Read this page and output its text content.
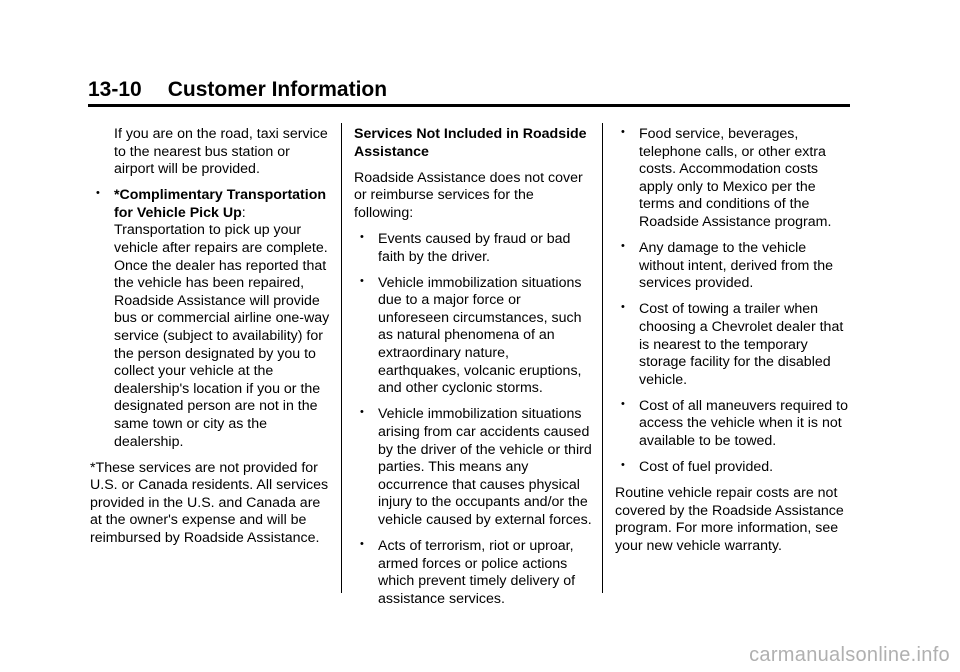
13-10 Customer Information

If you are on the road, taxi service to the nearest bus station or airport will be provided.

• *Complimentary Transportation for Vehicle Pick Up: Transportation to pick up your vehicle after repairs are complete. Once the dealer has reported that the vehicle has been repaired, Roadside Assistance will provide bus or commercial airline one-way service (subject to availability) for the person designated by you to collect your vehicle at the dealership's location if you or the designated person are not in the same town or city as the dealership.

*These services are not provided for U.S. or Canada residents. All services provided in the U.S. and Canada are at the owner's expense and will be reimbursed by Roadside Assistance.

Services Not Included in Roadside Assistance

Roadside Assistance does not cover or reimburse services for the following:

• Events caused by fraud or bad faith by the driver.
• Vehicle immobilization situations due to a major force or unforeseen circumstances, such as natural phenomena of an extraordinary nature, earthquakes, volcanic eruptions, and other cyclonic storms.
• Vehicle immobilization situations arising from car accidents caused by the driver of the vehicle or third parties. This means any occurrence that causes physical injury to the occupants and/or the vehicle caused by external forces.
• Acts of terrorism, riot or uproar, armed forces or police actions which prevent timely delivery of assistance services.
• Food service, beverages, telephone calls, or other extra costs. Accommodation costs apply only to Mexico per the terms and conditions of the Roadside Assistance program.
• Any damage to the vehicle without intent, derived from the services provided.
• Cost of towing a trailer when choosing a Chevrolet dealer that is nearest to the temporary storage facility for the disabled vehicle.
• Cost of all maneuvers required to access the vehicle when it is not available to be towed.
• Cost of fuel provided.

Routine vehicle repair costs are not covered by the Roadside Assistance program. For more information, see your new vehicle warranty.

carmanualsonline.info
